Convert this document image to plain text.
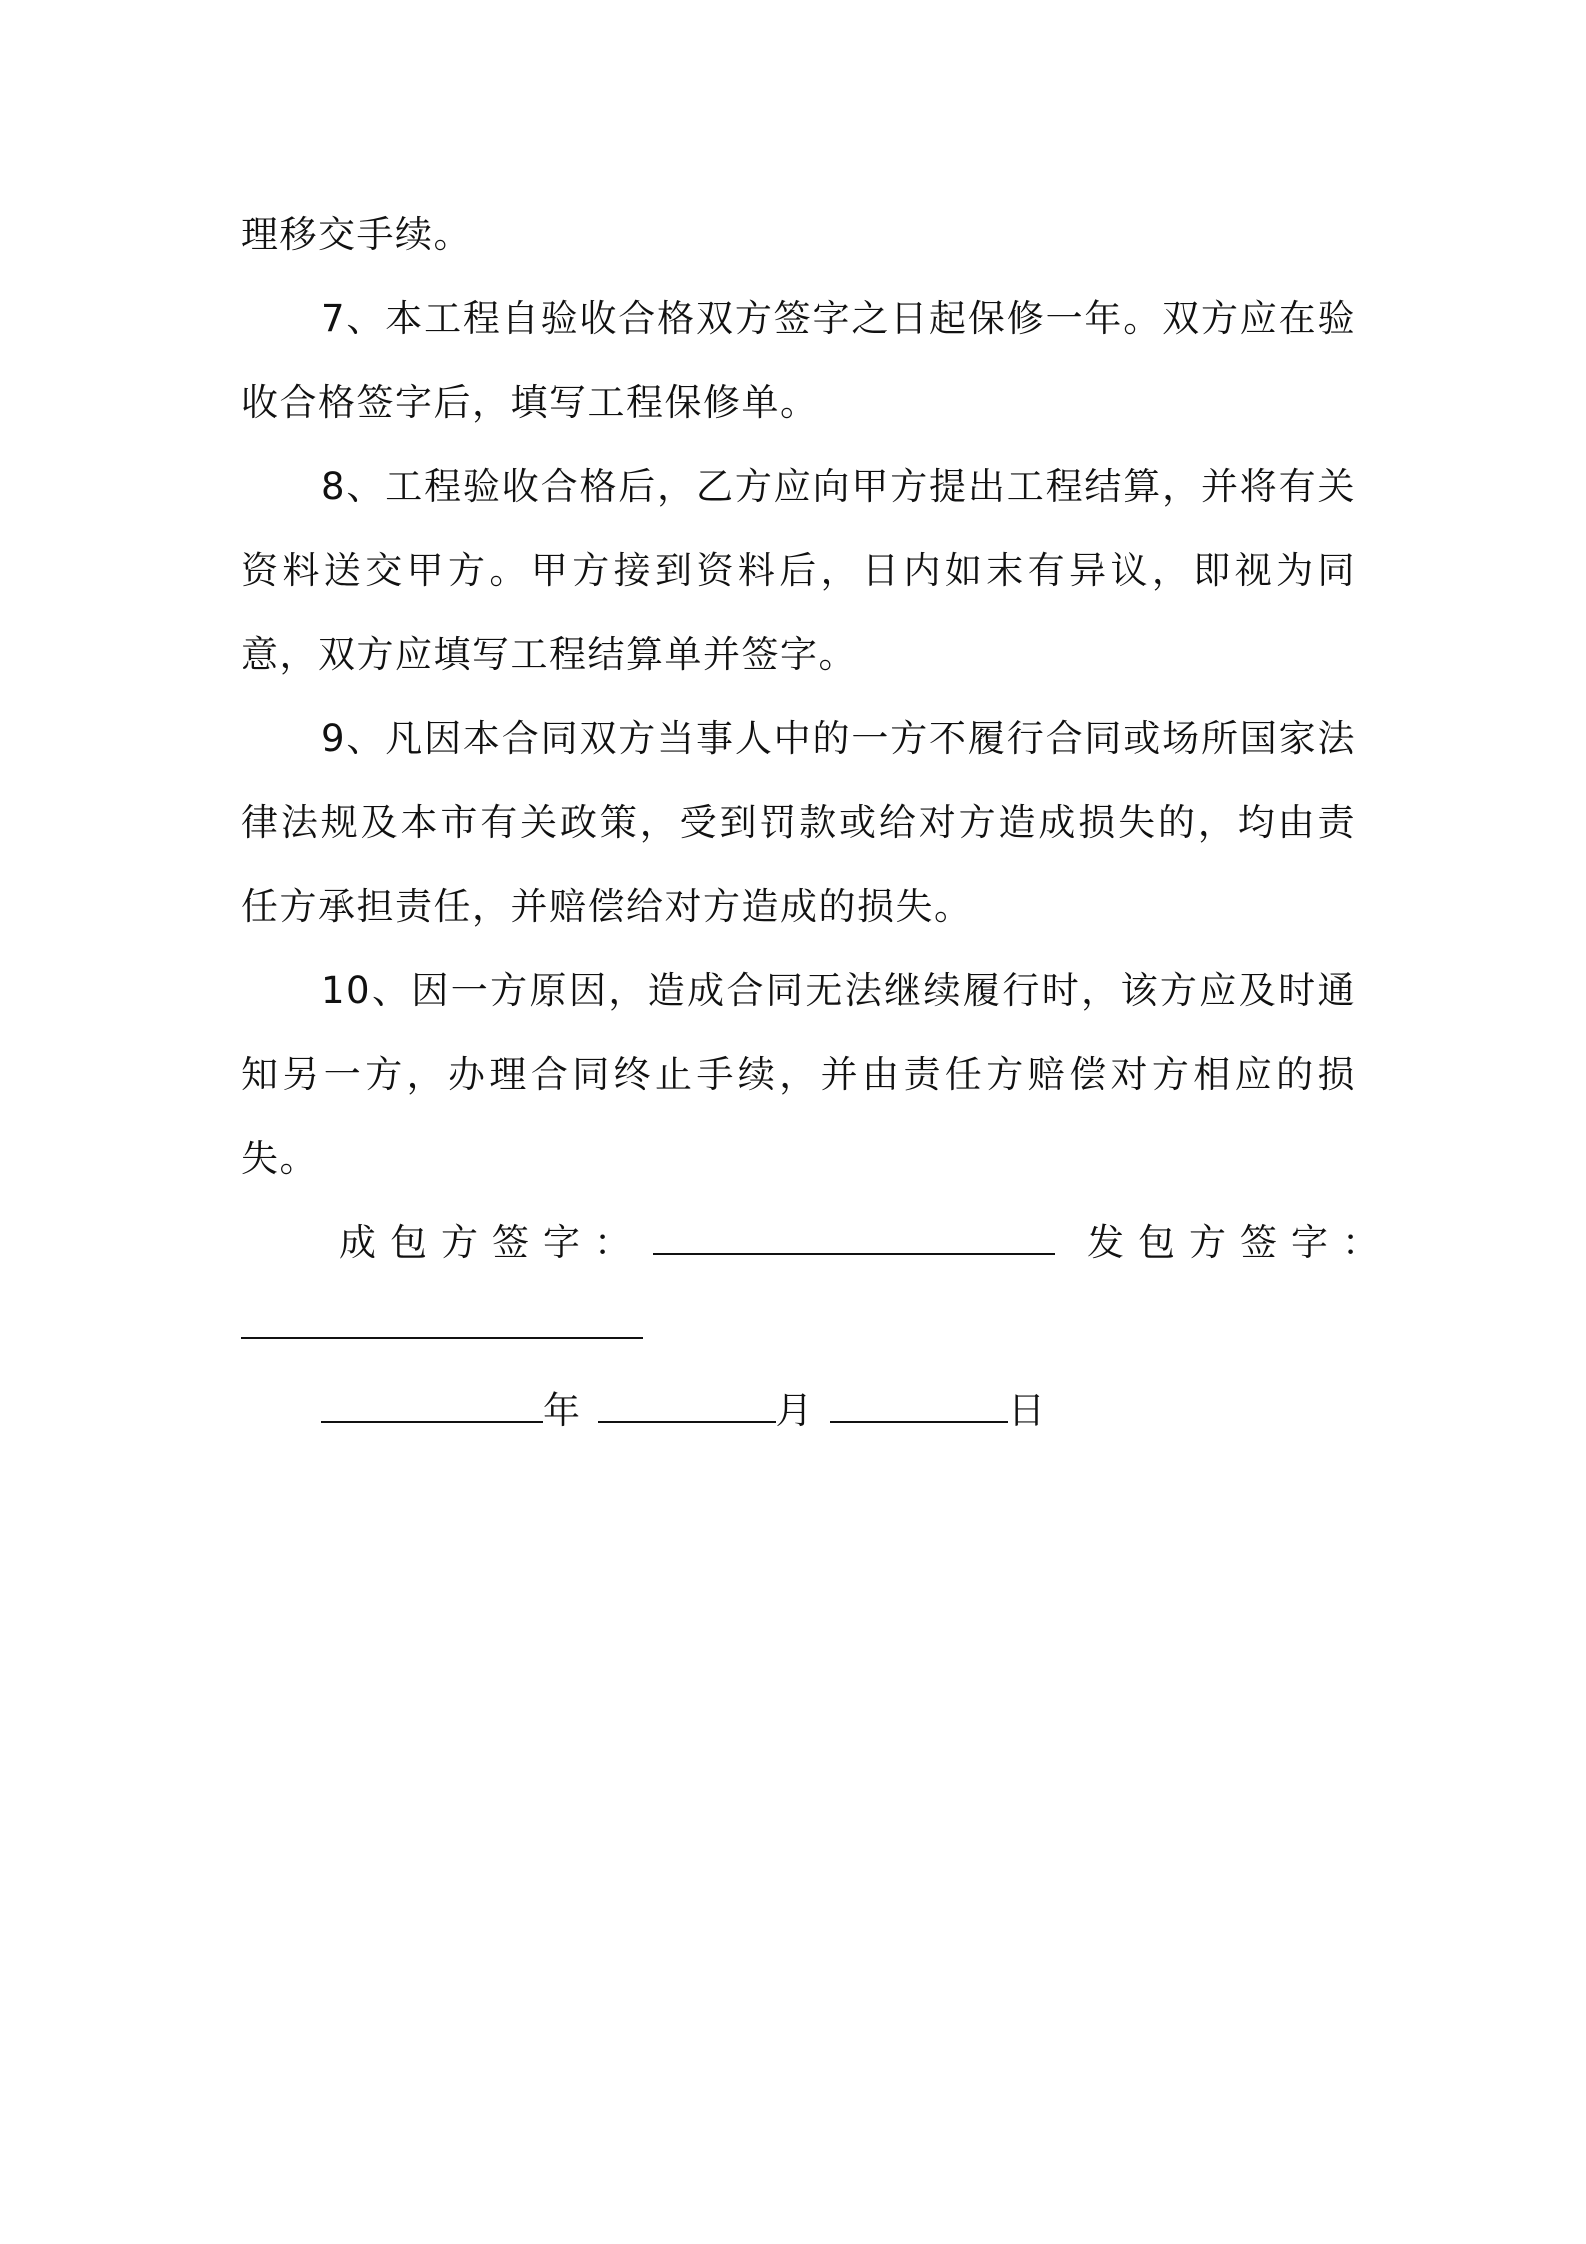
理移交手续。

7、本工程自验收合格双方签字之日起保修一年。双方应在验收合格签字后，填写工程保修单。

8、工程验收合格后，乙方应向甲方提出工程结算，并将有关资料送交甲方。甲方接到资料后，日内如末有异议，即视为同意，双方应填写工程结算单并签字。

9、凡因本合同双方当事人中的一方不履行合同或场所国家法律法规及本市有关政策，受到罚款或给对方造成损失的，均由责任方承担责任，并赔偿给对方造成的损失。

10、因一方原因，造成合同无法继续履行时，该方应及时通知另一方，办理合同终止手续，并由责任方赔偿对方相应的损失。

成包方签字：	发包方签字：

年	月	日
